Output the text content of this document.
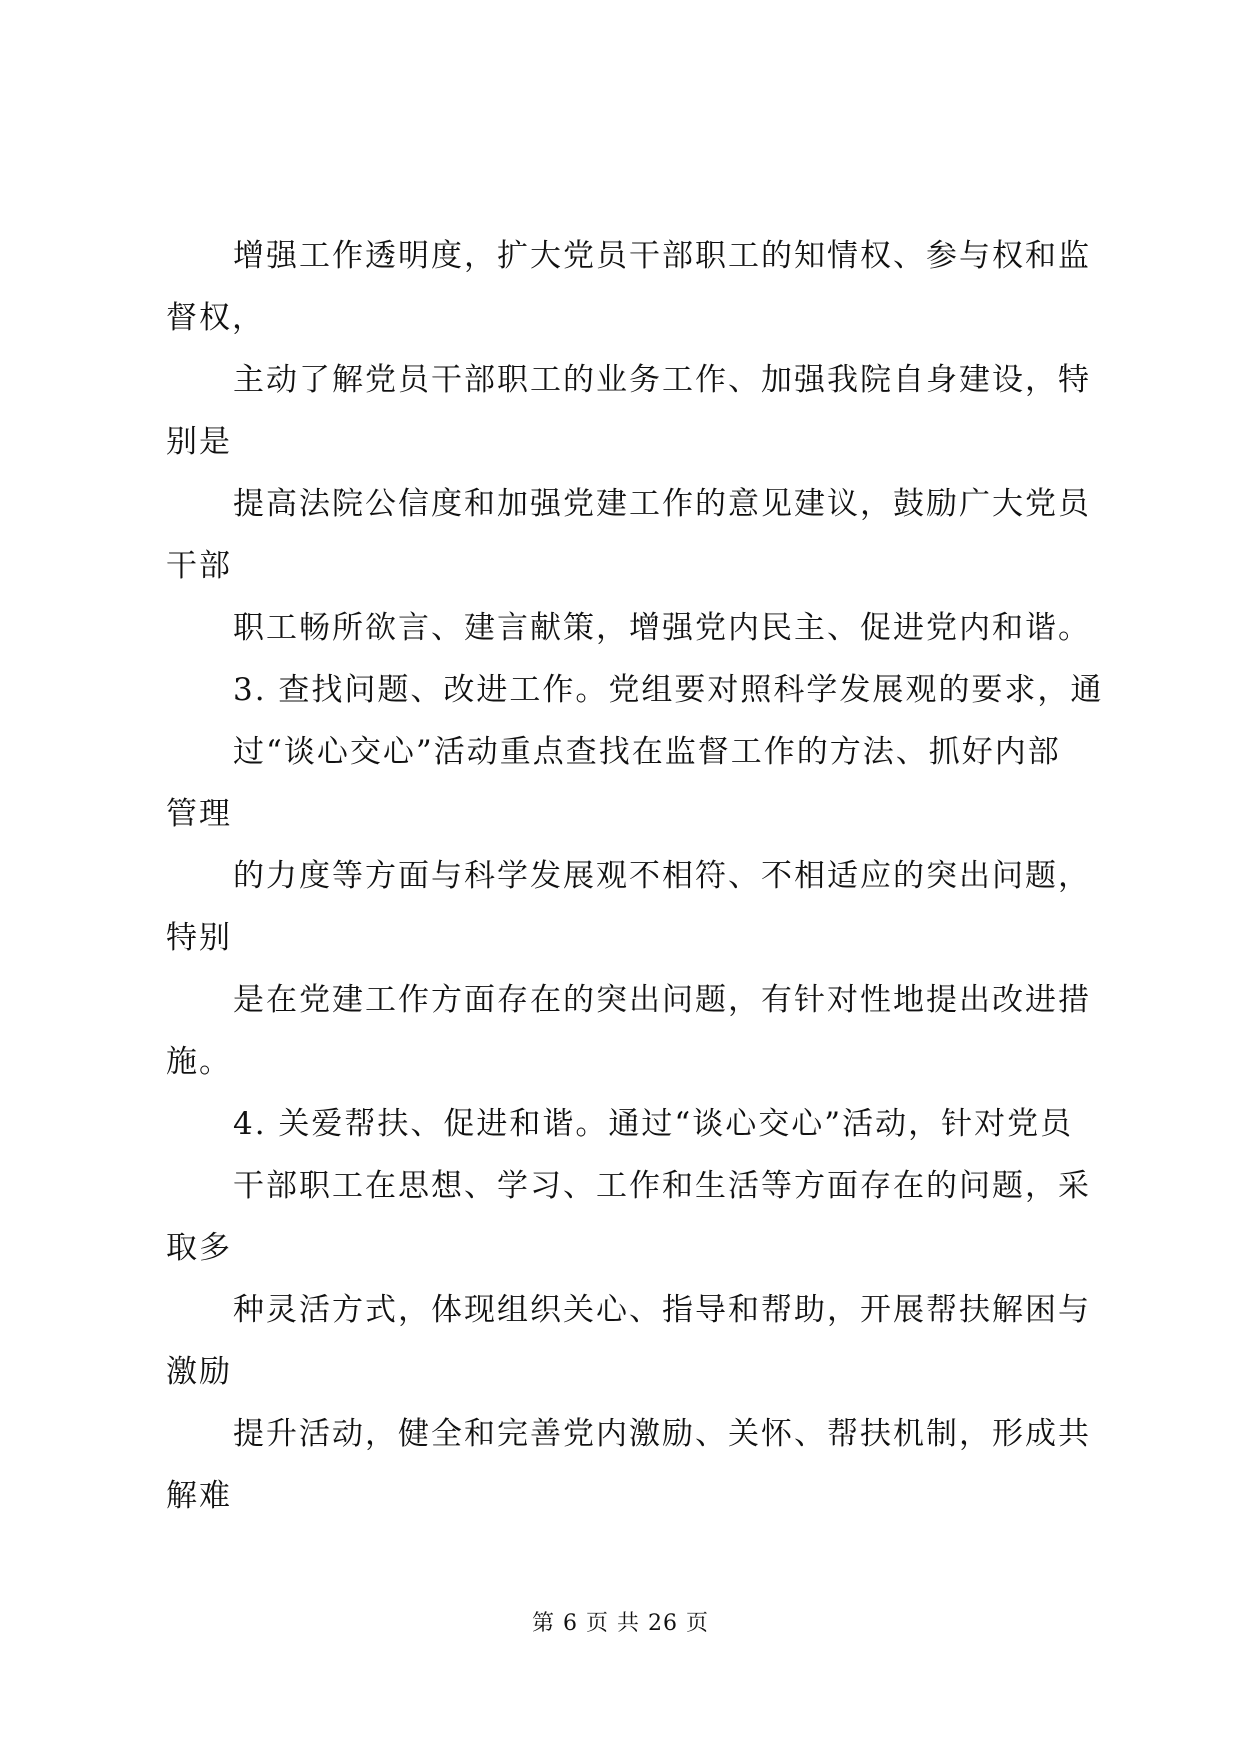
增强工作透明度，扩大党员干部职工的知情权、参与权和监
督权，
主动了解党员干部职工的业务工作、加强我院自身建设，特
别是
提高法院公信度和加强党建工作的意见建议，鼓励广大党员
干部
职工畅所欲言、建言献策，增强党内民主、促进党内和谐。
3. 查找问题、改进工作。党组要对照科学发展观的要求，通
过“谈心交心”活动重点查找在监督工作的方法、抓好内部
管理
的力度等方面与科学发展观不相符、不相适应的突出问题，
特别
是在党建工作方面存在的突出问题，有针对性地提出改进措
施。
4. 关爱帮扶、促进和谐。通过“谈心交心”活动，针对党员
干部职工在思想、学习、工作和生活等方面存在的问题，采
取多
种灵活方式，体现组织关心、指导和帮助，开展帮扶解困与
激励
提升活动，健全和完善党内激励、关怀、帮扶机制，形成共
解难
第 6 页 共 26 页
